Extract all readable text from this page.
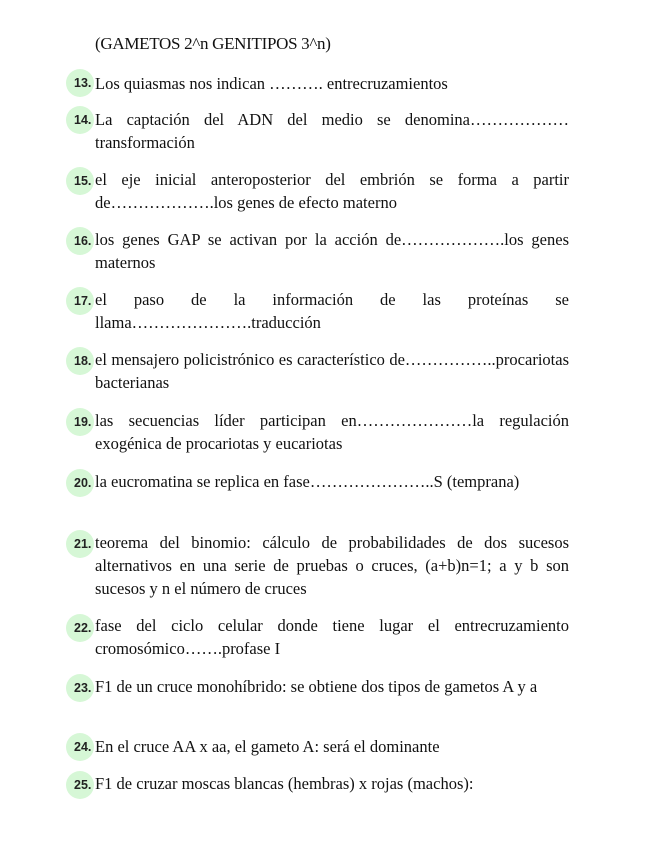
(GAMETOS 2^n GENITIPOS 3^n)
13. Los quiasmas nos indican ………. entrecruzamientos
14. La captación del ADN del medio se denomina………………transformación
15. el eje inicial anteroposterior del embrión se forma a partir de……………….los genes de efecto materno
16. los genes GAP se activan por la acción de……………….los genes maternos
17. el paso de la información de las proteínas se llama………………….traducción
18. el mensajero policistrónico es característico de……………..procariotas bacterianas
19. las secuencias líder participan en…………………la regulación exogénica de procariotas y eucariotas
20. la eucromatina se replica en fase…………………..S (temprana)
21. teorema del binomio: cálculo de probabilidades de dos sucesos alternativos en una serie de pruebas o cruces, (a+b)n=1; a y b son sucesos y n el número de cruces
22. fase del ciclo celular donde tiene lugar el entrecruzamiento cromosómico…….profase I
23. F1 de un cruce monohíbrido: se obtiene dos tipos de gametos A y a
24. En el cruce AA x aa, el gameto A: será el dominante
25. F1 de cruzar moscas blancas (hembras) x rojas (machos):
